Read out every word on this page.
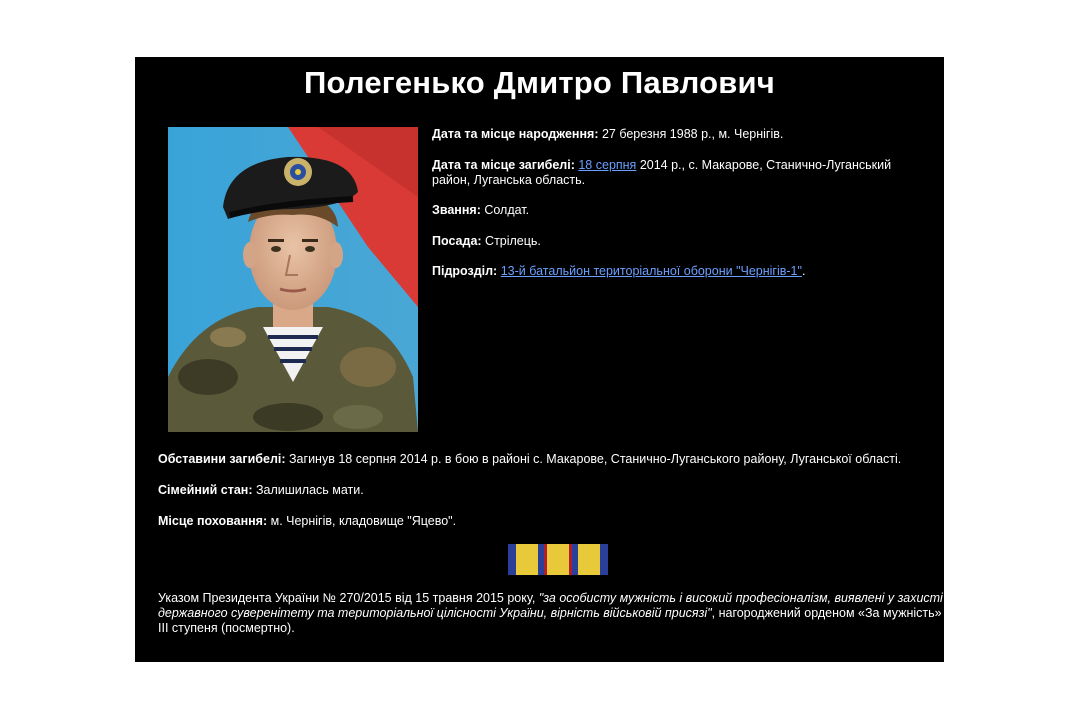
Полегенько Дмитро Павлович

Дата та місце народження: 27 березня 1988 р., м. Чернігів.

Дата та місце загибелі: 18 серпня 2014 р., с. Макарове, Станично-Луганський район, Луганська область.

Звання: Солдат.

Посада: Стрілець.

Підрозділ: 13-й батальйон територіальної оборони "Чернігів-1".

Обставини загибелі: Загинув 18 серпня 2014 р. в бою в районі с. Макарове, Станично-Луганського району, Луганської області.

Сімейний стан: Залишилась мати.

Місце поховання: м. Чернігів, кладовище "Яцево".

Указом Президента України № 270/2015 від 15 травня 2015 року, "за особисту мужність і високий професіоналізм, виявлені у захисті державного суверенітету та територіальної цілісності України, вірність військовій присязі", нагороджений орденом «За мужність» III ступеня (посмертно).
